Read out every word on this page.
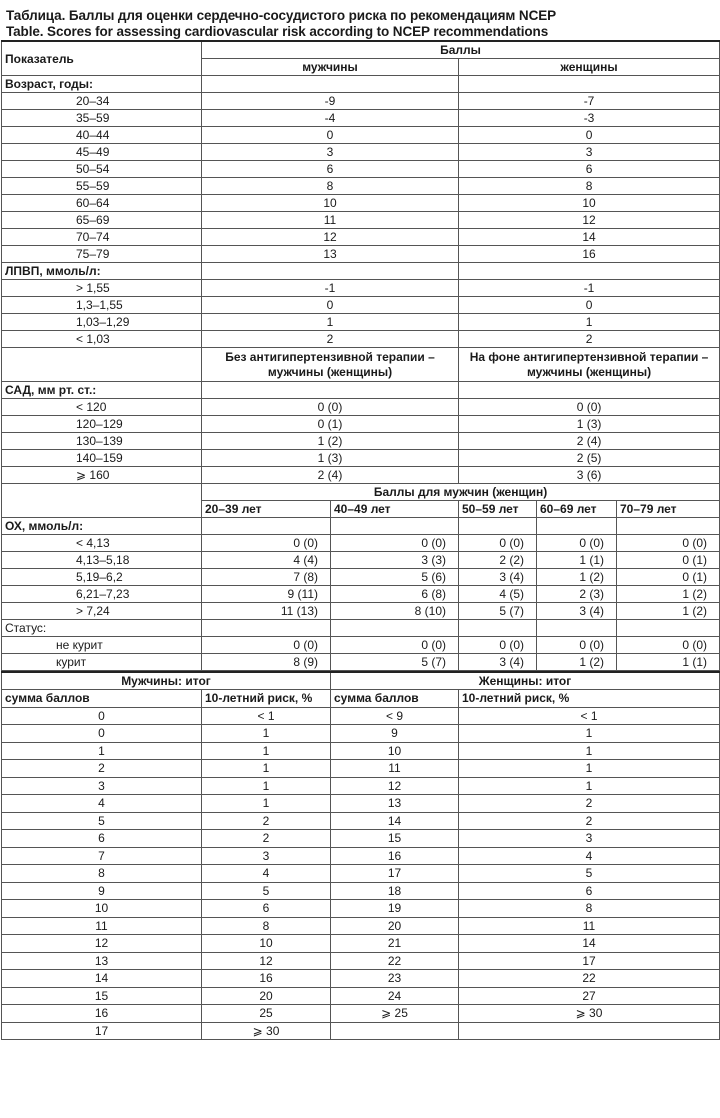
Таблица. Баллы для оценки сердечно-сосудистого риска по рекомендациям NCEP
Table. Scores for assessing cardiovascular risk according to NCEP recommendations
Показатель	Баллы				
	мужчины		женщины		
Возраст, годы:					
20–34	-9		-7		
35–59	-4		-3		
40–44	0		0		
45–49	3		3		
50–54	6		6		
55–59	8		8		
60–64	10		10		
65–69	11		12		
70–74	12		14		
75–79	13		16		
ЛПВП, ммоль/л:					
> 1,55	-1		-1		
1,3–1,55	0		0		
1,03–1,29	1		1		
< 1,03	2		2		
	Без антигипертензивной терапии – мужчины (женщины)		На фоне антигипертензивной терапии – мужчины (женщины)		
САД, мм рт. ст.:					
< 120	0 (0)		0 (0)		
120–129	0 (1)		1 (3)		
130–139	1 (2)		2 (4)		
140–159	1 (3)		2 (5)		
⩾ 160	2 (4)		3 (6)		
	Баллы для мужчин (женщин)				
	20–39 лет	40–49 лет	50–59 лет	60–69 лет	70–79 лет
ОХ, ммоль/л:					
< 4,13	0 (0)	0 (0)	0 (0)	0 (0)	0 (0)
4,13–5,18	4 (4)	3 (3)	2 (2)	1 (1)	0 (1)
5,19–6,2	7 (8)	5 (6)	3 (4)	1 (2)	0 (1)
6,21–7,23	9 (11)	6 (8)	4 (5)	2 (3)	1 (2)
> 7,24	11 (13)	8 (10)	5 (7)	3 (4)	1 (2)
Статус:					
не курит	0 (0)	0 (0)	0 (0)	0 (0)	0 (0)
курит	8 (9)	5 (7)	3 (4)	1 (2)	1 (1)
Мужчины: итог		Женщины: итог	
сумма баллов	10-летний риск, %	сумма баллов	10-летний риск, %
0	< 1	< 9	< 1
0	1	9	1
1	1	10	1
2	1	11	1
3	1	12	1
4	1	13	2
5	2	14	2
6	2	15	3
7	3	16	4
8	4	17	5
9	5	18	6
10	6	19	8
11	8	20	11
12	10	21	14
13	12	22	17
14	16	23	22
15	20	24	27
16	25	⩾ 25	⩾ 30
17	⩾ 30		
